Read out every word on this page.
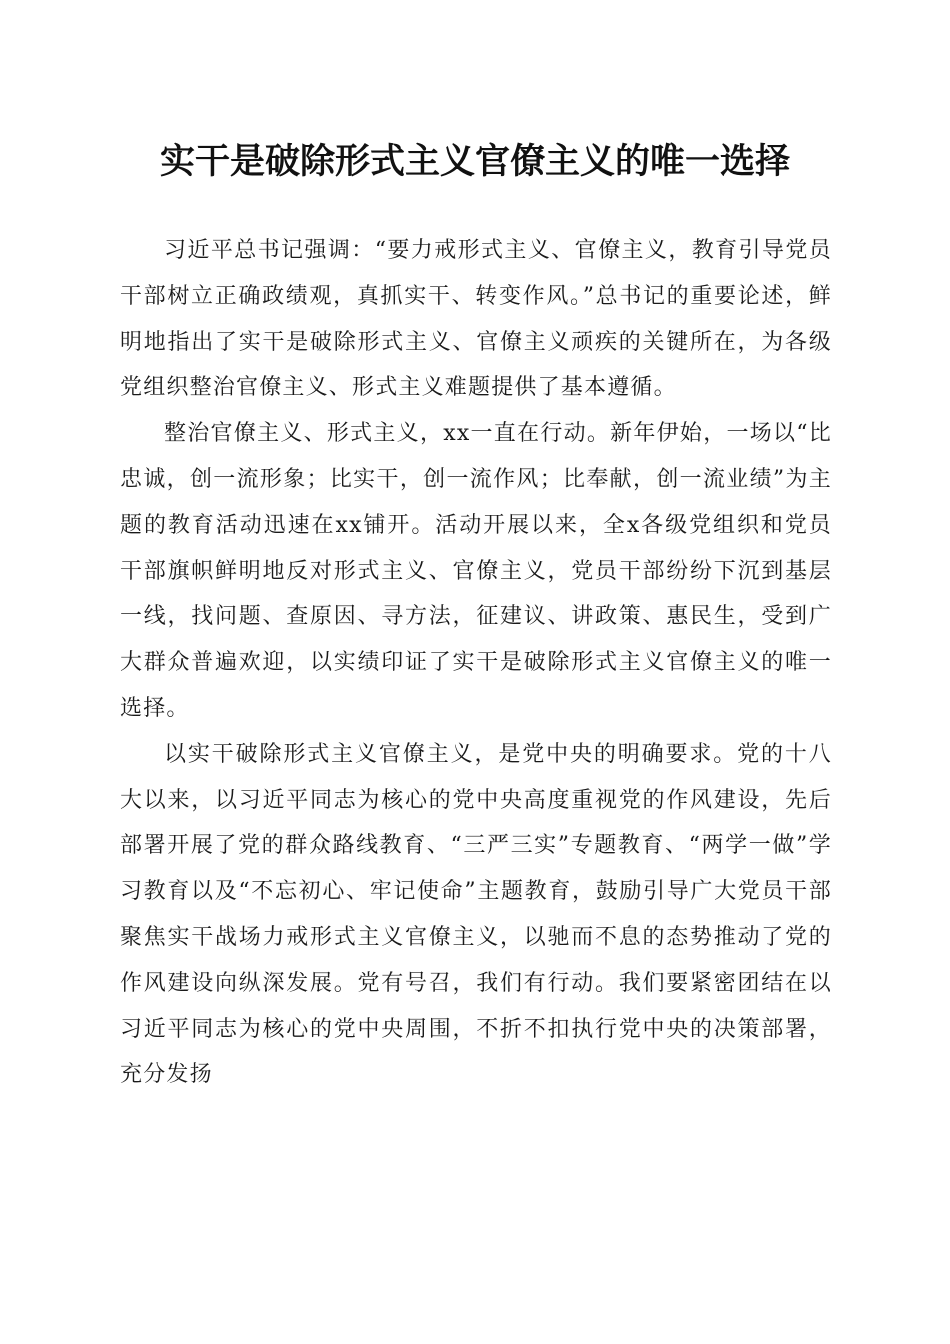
实干是破除形式主义官僚主义的唯一选择

习近平总书记强调：“要力戒形式主义、官僚主义，教育引导党员干部树立正确政绩观，真抓实干、转变作风。”总书记的重要论述，鲜明地指出了实干是破除形式主义、官僚主义顽疾的关键所在，为各级党组织整治官僚主义、形式主义难题提供了基本遵循。

整治官僚主义、形式主义，xx一直在行动。新年伊始，一场以“比忠诚，创一流形象；比实干，创一流作风；比奉献，创一流业绩”为主题的教育活动迅速在xx铺开。活动开展以来，全x各级党组织和党员干部旗帜鲜明地反对形式主义、官僚主义，党员干部纷纷下沉到基层一线，找问题、查原因、寻方法，征建议、讲政策、惠民生，受到广大群众普遍欢迎，以实绩印证了实干是破除形式主义官僚主义的唯一选择。

以实干破除形式主义官僚主义，是党中央的明确要求。党的十八大以来，以习近平同志为核心的党中央高度重视党的作风建设，先后部署开展了党的群众路线教育、“三严三实”专题教育、“两学一做”学习教育以及“不忘初心、牢记使命”主题教育，鼓励引导广大党员干部聚焦实干战场力戒形式主义官僚主义，以驰而不息的态势推动了党的作风建设向纵深发展。党有号召，我们有行动。我们要紧密团结在以习近平同志为核心的党中央周围，不折不扣执行党中央的决策部署，充分发扬
